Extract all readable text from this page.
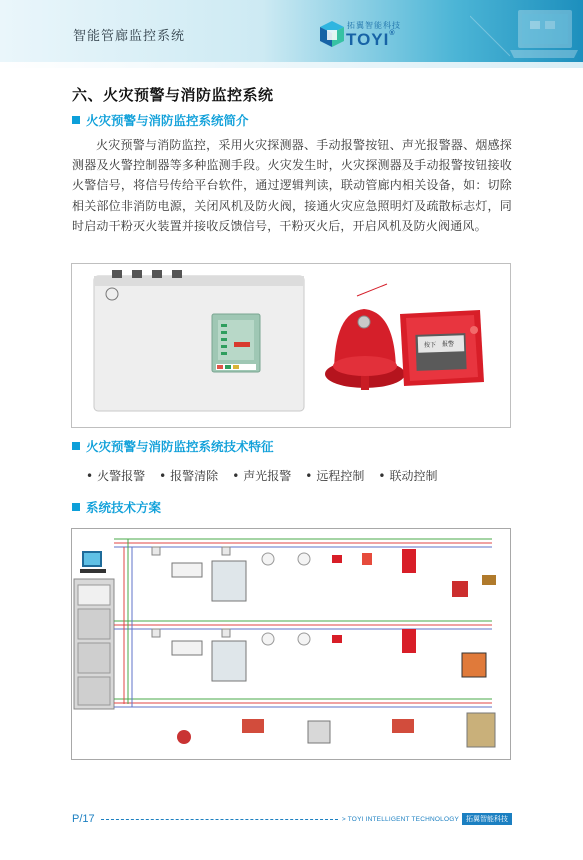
智能管廊监控系统
拓翼智能科技
TOYI®
六、火灾预警与消防监控系统
火灾预警与消防监控系统简介

火灾预警与消防监控，采用火灾探测器、手动报警按钮、声光报警器、烟感探测器及火警控制器等多种监测手段。火灾发生时，火灾探测器及手动报警按钮接收火警信号，将信号传给平台软件，通过逻辑判读，联动管廊内相关设备，如：切除相关部位非消防电源，关闭风机及防火阀，接通火灾应急照明灯及疏散标志灯，同时启动干粉灭火装置并接收反馈信号，干粉灭火后，开启风机及防火阀通风。

按下 报警
火灾预警与消防监控系统技术特征
• 火警报警 • 报警清除 • 声光报警 • 远程控制 • 联动控制
系统技术方案
P/17	> TOYI INTELLIGENT TECHNOLOGY	拓翼智能科技
